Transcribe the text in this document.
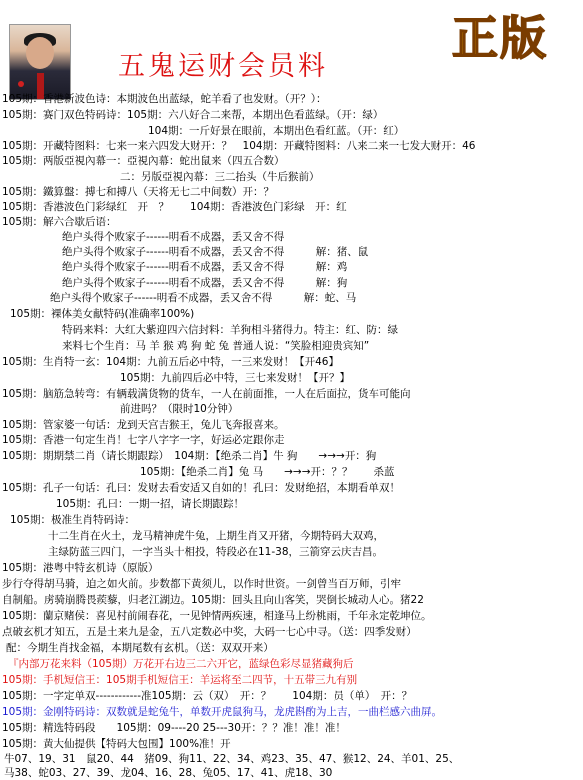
五鬼运财会员料
正版
105期：香港新波色诗：本期波色出蓝绿，蛇羊看了也发财。（开？）：
105期：赛门双色特码诗：105期：六八好合二来帮，本期出色看蓝绿。（开：绿）
104期：一斤好景在眼前，本期出色看红蓝。（开：红）
105期：开藏特图料：七来一来六四发大财开：？　104期：开藏特图料：八来二来一七发大财开：46
105期：两版亞視內幕一：亞視內幕：蛇出鼠来（四五合数）
二：另版亞視內幕：三二抬头（牛后猴前）
105期：鐵算盤：搏七和搏八（天将无七二中间数）开：？
105期：香港波色门彩绿红　开　？　　104期：香港波色门彩绿　开：红
105期：解六合歇后语：
绝户头得个败家子------明看不成器，丢又舍不得
绝户头得个败家子------明看不成器，丢又舍不得　　　解：猪、鼠
绝户头得个败家子------明看不成器，丢又舍不得　　　解：鸡
绝户头得个败家子------明看不成器，丢又舍不得　　　解：狗
绝户头得个败家子------明看不成器，丢又舍不得　　　解：蛇、马
105期：裸体美女献特码(准确率100%)
特码来料：大红大紫迎四六信封料：羊狗相斗猪得力。特主：红、防：绿
来料七个生肖：马 羊 猴 鸡 狗 蛇 兔 普通人说：“笑脸相迎贵宾知”
105期：生肖特一玄：104期：九前五后必中特，一三来发财！【开46】
105期：九前四后必中特，三七来发财！【开？】
105期：脑筋急转弯：有辆载满货物的货车，一人在前面推，一人在后面拉，货车可能向
前进吗？（限时10分钟）
105期：管家婆一句话：龙到天宫吉猴王，兔儿飞奔报喜来。
105期：香港一句定生肖！七字八字字一字，好运必定跟你走
105期：期期禁二肖（请长期跟踪）　104期：【绝杀二肖】牛 狗　　→→→开：狗
105期：【绝杀二肖】兔 马　　→→→开：？？　　杀蓝
105期：孔子一句话：孔曰：发财去看安适又自如的！孔曰：发财绝招，本期看单双！
105期：孔曰：一期一招，请长期跟踪！
105期：极准生肖特码诗：
十二生肖在火土，龙马精神虎牛兔，上期生肖又开猪，今期特码大双鸡，
主绿防蓝三四门，一字当头十相投，特段必在11-38，三箭穿云庆吉昌。
105期：港粤中特玄机诗（原版）
步行夺得胡马骑，迫之如火前。步数都下黄须儿，以作时世资。一剑曾当百万师，引牢
自制船。虏骑崩腾畏蒺藜，归老江湖边。105期：回头且向山客笑，哭倒长城动人心。猪22
105期：蘭京赌侯：喜见村前闹春花，一见钟情两疾速，相逢马上纷桃雨，千年永定乾坤位。
点破玄机才知五，五是土来九是金，五八定数必中奖，大码一七心中寻。（送：四季发财）
配：今期生肖找金福，本期尾数有玄机。（送：双双开来）
『内部万花来料（105期）万花开右边三二六开它，蓝绿色彩尽显猪藏狗后
105期：手机短信王：105期手机短信王：羊运将至二四节，十五带三九有别
105期：一字定单双------------准105期：云（双）　开：？　　104期：员（单）　开：？
105期：金刚特码诗：双数就是蛇兔牛，单数开虎鼠狗马，龙虎斟酌为上吉，一曲栏感六曲屏。
105期：精选特码段　　105期：09----20 25---30开：？？准！准！准！
105期：黄大仙提供【特码大包围】100%准！开
牛07、19、31　鼠20、44　猪09、狗11、22、34、鸡23、35、47、猴12、24、羊01、25、
马38、蛇03、27、39、龙04、16、28、兔05、17、41、虎18、30
